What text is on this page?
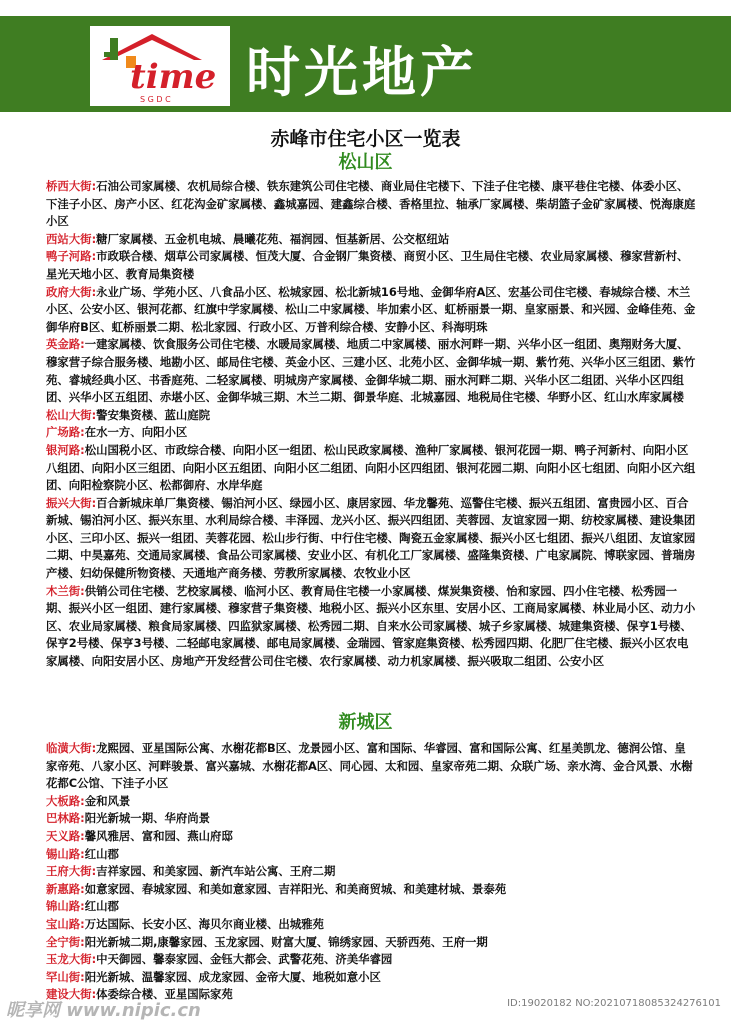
time
S G D C 时光地产
赤峰市住宅小区一览表
松山区

桥西大街:石油公司家属楼、农机局综合楼、铁东建筑公司住宅楼、商业局住宅楼下、下洼子住宅楼、康平巷住宅楼、体委小区、下洼子小区、房产小区、红花沟金矿家属楼、鑫城嘉园、建鑫综合楼、香格里拉、轴承厂家属楼、柴胡篮子金矿家属楼、悦海康庭小区

西站大街:糖厂家属楼、五金机电城、晨曦花苑、福润园、恒基新居、公交枢纽站

鸭子河路:市政联合楼、烟草公司家属楼、恒茂大厦、合金钢厂集资楼、商贸小区、卫生局住宅楼、农业局家属楼、穆家营新村、星光天地小区、教育局集资楼

政府大街:永业广场、学苑小区、八食品小区、松城家园、松北新城16号地、金御华府A区、宏基公司住宅楼、春城综合楼、木兰小区、公安小区、银河花都、红旗中学家属楼、松山二中家属楼、毕加索小区、虹桥丽景一期、皇家丽景、和兴园、金峰佳苑、金御华府B区、虹桥丽景二期、松北家园、行政小区、万普利综合楼、安静小区、科海明珠

英金路:一建家属楼、饮食服务公司住宅楼、水暖局家属楼、地质二中家属楼、丽水河畔一期、兴华小区一组团、奥翔财务大厦、穆家营子综合服务楼、地勘小区、邮局住宅楼、英金小区、三建小区、北苑小区、金御华城一期、紫竹苑、兴华小区三组团、紫竹苑、睿城经典小区、书香庭苑、二轻家属楼、明城房产家属楼、金御华城二期、丽水河畔二期、兴华小区二组团、兴华小区四组团、兴华小区五组团、赤堪小区、金御华城三期、木兰二期、御景华庭、北城嘉园、地税局住宅楼、华野小区、红山水库家属楼

松山大街:警安集资楼、蓝山庭院

广场路:在水一方、向阳小区

银河路:松山国税小区、市政综合楼、向阳小区一组团、松山民政家属楼、渔种厂家属楼、银河花园一期、鸭子河新村、向阳小区八组团、向阳小区三组团、向阳小区五组团、向阳小区二组团、向阳小区四组团、银河花园二期、向阳小区七组团、向阳小区六组团、向阳检察院小区、松都御府、水岸华庭

振兴大街:百合新城床单厂集资楼、锡泊河小区、绿园小区、康居家园、华龙馨苑、巡警住宅楼、振兴五组团、富贵园小区、百合新城、锡泊河小区、振兴东里、水利局综合楼、丰泽园、龙兴小区、振兴四组团、芙蓉园、友谊家园一期、纺校家属楼、建设集团小区、三印小区、振兴一组团、芙蓉花园、松山步行街、中行住宅楼、陶瓷五金家属楼、振兴小区七组团、振兴八组团、友谊家园二期、中昊嘉苑、交通局家属楼、食品公司家属楼、安业小区、有机化工厂家属楼、盛隆集资楼、广电家属院、博联家园、普瑞房产楼、妇幼保健所物资楼、天通地产商务楼、劳教所家属楼、农牧业小区

木兰街:供销公司住宅楼、艺校家属楼、临河小区、教育局住宅楼一小家属楼、煤炭集资楼、怡和家园、四小住宅楼、松秀园一期、振兴小区一组团、建行家属楼、穆家营子集资楼、地税小区、振兴小区东里、安居小区、工商局家属楼、林业局小区、动力小区、农业局家属楼、粮食局家属楼、四监狱家属楼、松秀园二期、自来水公司家属楼、城子乡家属楼、城建集资楼、保亨1号楼、保亨2号楼、保亨3号楼、二轻邮电家属楼、邮电局家属楼、金瑞园、管家庭集资楼、松秀园四期、化肥厂住宅楼、振兴小区农电家属楼、向阳安居小区、房地产开发经营公司住宅楼、农行家属楼、动力机家属楼、振兴吸取二组团、公安小区

新城区

临潢大街:龙熙园、亚星国际公寓、水榭花都B区、龙景园小区、富和国际、华睿园、富和国际公寓、红星美凯龙、德润公馆、皇家帝苑、八家小区、河畔骏景、富兴嘉城、水榭花都A区、同心园、太和园、皇家帝苑二期、众联广场、亲水湾、金合风景、水榭花都C公馆、下洼子小区

大板路:金和风景

巴林路:阳光新城一期、华府尚景

天义路:馨风雅居、富和园、燕山府邸

锡山路:红山郡

王府大街:吉祥家园、和美家园、新汽车站公寓、王府二期

新惠路:如意家园、春城家园、和美如意家园、吉祥阳光、和美商贸城、和美建材城、景泰苑

锦山路:红山郡

宝山路:万达国际、长安小区、海贝尔商业楼、出城雅苑

全宁街:阳光新城二期,康馨家园、玉龙家园、财富大厦、锦绣家园、天骄西苑、王府一期

玉龙大街:中天御园、馨泰家园、金钰大都会、武警花苑、济美华睿园

罕山街:阳光新城、温馨家园、成龙家园、金帝大厦、地税如意小区

建设大街:体委综合楼、亚星国际家苑

昵享网 www.nipic.cn	ID:19020182 NO:20210718085324276101
